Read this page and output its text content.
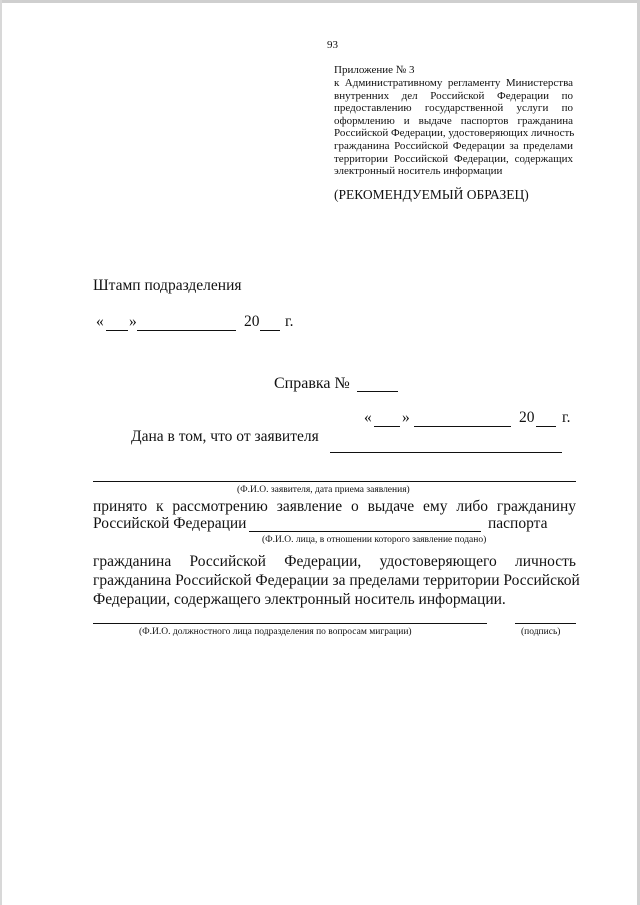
93
Приложение № 3
к Административному регламенту Министерства
внутренних дел Российской Федерации по
предоставлению государственной услуги по
оформлению и выдаче паспортов гражданина
Российской Федерации, удостоверяющих личность
гражданина Российской Федерации за пределами
территории Российской Федерации, содержащих
электронный носитель информации
(РЕКОМЕНДУЕМЫЙ ОБРАЗЕЦ)
Штамп подразделения
« »	20 г.
Справка №
« »	20 г.
Дана в том, что от заявителя
(Ф.И.О. заявителя, дата приема заявления)
принято к рассмотрению заявление о выдаче ему либо гражданину
Российской Федерации	паспорта
(Ф.И.О. лица, в отношении которого заявление подано)
гражданина Российской Федерации, удостоверяющего личность
гражданина Российской Федерации за пределами территории Российской
Федерации, содержащего электронный носитель информации.
(Ф.И.О. должностного лица подразделения по вопросам миграции)	(подпись)
